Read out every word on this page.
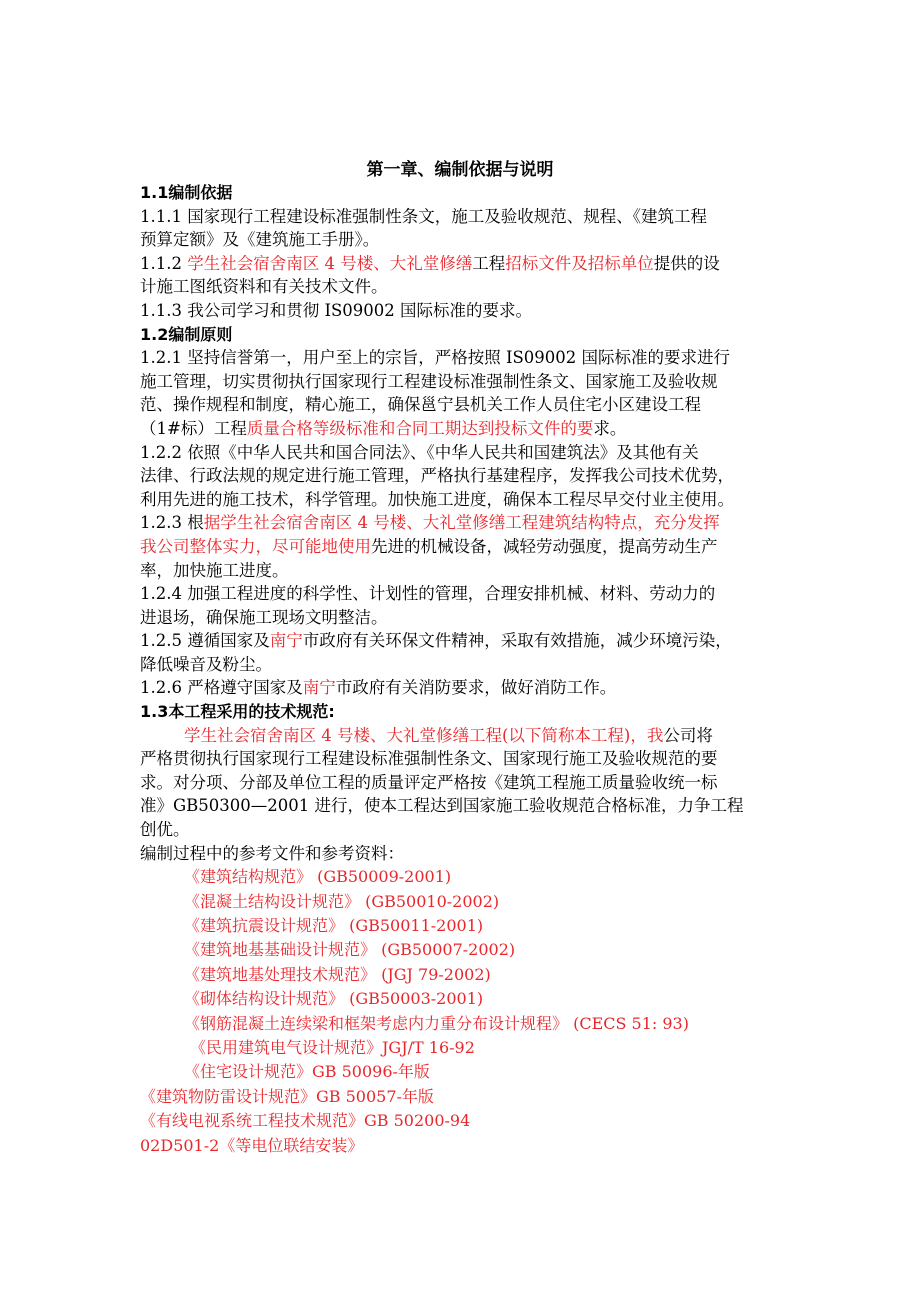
第一章、编制依据与说明
1.1编制依据
1.1.1 国家现行工程建设标准强制性条文，施工及验收规范、规程、《建筑工程
预算定额》及《建筑施工手册》。
1.1.2 学生社会宿舍南区 4 号楼、大礼堂修缮工程招标文件及招标单位提供的设
计施工图纸资料和有关技术文件。
1.1.3 我公司学习和贯彻 IS09002 国际标准的要求。
1.2编制原则
1.2.1 坚持信誉第一，用户至上的宗旨，严格按照 IS09002 国际标准的要求进行
施工管理，切实贯彻执行国家现行工程建设标准强制性条文、国家施工及验收规
范、操作规程和制度，精心施工，确保邕宁县机关工作人员住宅小区建设工程
（1#标）工程质量合格等级标准和合同工期达到投标文件的要求。
1.2.2 依照《中华人民共和国合同法》、《中华人民共和国建筑法》及其他有关
法律、行政法规的规定进行施工管理，严格执行基建程序，发挥我公司技术优势，
利用先进的施工技术，科学管理。加快施工进度，确保本工程尽早交付业主使用。
1.2.3 根据学生社会宿舍南区 4 号楼、大礼堂修缮工程建筑结构特点，充分发挥
我公司整体实力，尽可能地使用先进的机械设备，减轻劳动强度，提高劳动生产
率，加快施工进度。
1.2.4 加强工程进度的科学性、计划性的管理，合理安排机械、材料、劳动力的
进退场，确保施工现场文明整洁。
1.2.5 遵循国家及南宁市政府有关环保文件精神，采取有效措施，减少环境污染，
降低噪音及粉尘。
1.2.6 严格遵守国家及南宁市政府有关消防要求，做好消防工作。
1.3本工程采用的技术规范:
学生社会宿舍南区 4 号楼、大礼堂修缮工程(以下简称本工程)，我公司将
严格贯彻执行国家现行工程建设标准强制性条文、国家现行施工及验收规范的要
求。对分项、分部及单位工程的质量评定严格按《建筑工程施工质量验收统一标
准》GB50300—2001 进行，使本工程达到国家施工验收规范合格标准，力争工程
创优。
编制过程中的参考文件和参考资料：
《建筑结构规范》 (GB50009-2001)
《混凝土结构设计规范》 (GB50010-2002)
《建筑抗震设计规范》 (GB50011-2001)
《建筑地基基础设计规范》 (GB50007-2002)
《建筑地基处理技术规范》 (JGJ 79-2002)
《砌体结构设计规范》 (GB50003-2001)
《钢筋混凝土连续梁和框架考虑内力重分布设计规程》 (CECS 51: 93)
《民用建筑电气设计规范》JGJ/T 16-92
《住宅设计规范》GB 50096-年版
《建筑物防雷设计规范》GB 50057-年版
《有线电视系统工程技术规范》GB 50200-94
02D501-2《等电位联结安装》
